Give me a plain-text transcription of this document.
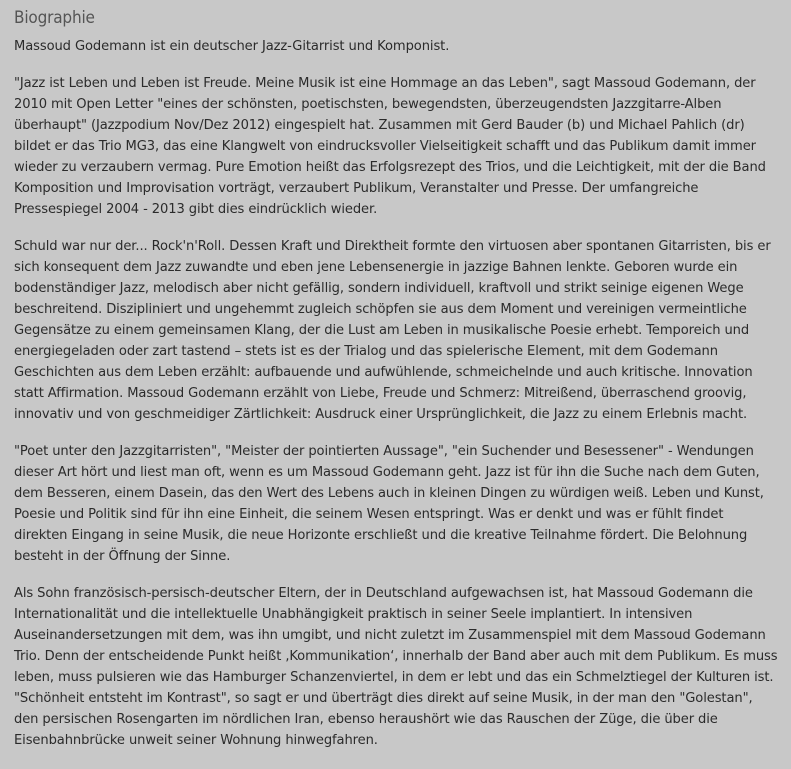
Biographie

Massoud Godemann ist ein deutscher Jazz-Gitarrist und Komponist.

"Jazz ist Leben und Leben ist Freude. Meine Musik ist eine Hommage an das Leben", sagt Massoud Godemann, der 2010 mit Open Letter "eines der schönsten, poetischsten, bewegendsten, überzeugendsten Jazzgitarre-Alben überhaupt" (Jazzpodium Nov/Dez 2012) eingespielt hat. Zusammen mit Gerd Bauder (b) und Michael Pahlich (dr) bildet er das Trio MG3, das eine Klangwelt von eindrucksvoller Vielseitigkeit schafft und das Publikum damit immer wieder zu verzaubern vermag. Pure Emotion heißt das Erfolgsrezept des Trios, und die Leichtigkeit, mit der die Band Komposition und Improvisation vorträgt, verzaubert Publikum, Veranstalter und Presse. Der umfangreiche Pressespiegel 2004 - 2013 gibt dies eindrücklich wieder.

Schuld war nur der... Rock'n'Roll. Dessen Kraft und Direktheit formte den virtuosen aber spontanen Gitarristen, bis er sich konsequent dem Jazz zuwandte und eben jene Lebensenergie in jazzige Bahnen lenkte. Geboren wurde ein bodenständiger Jazz, melodisch aber nicht gefällig, sondern individuell, kraftvoll und strikt seinige eigenen Wege beschreitend. Diszipliniert und ungehemmt zugleich schöpfen sie aus dem Moment und vereinigen vermeintliche Gegensätze zu einem gemeinsamen Klang, der die Lust am Leben in musikalische Poesie erhebt. Temporeich und energiegeladen oder zart tastend – stets ist es der Trialog und das spielerische Element, mit dem Godemann Geschichten aus dem Leben erzählt: aufbauende und aufwühlende, schmeichelnde und auch kritische. Innovation statt Affirmation. Massoud Godemann erzählt von Liebe, Freude und Schmerz: Mitreißend, überraschend groovig, innovativ und von geschmeidiger Zärtlichkeit: Ausdruck einer Ursprünglichkeit, die Jazz zu einem Erlebnis macht.

"Poet unter den Jazzgitarristen", "Meister der pointierten Aussage", "ein Suchender und Besessener" - Wendungen dieser Art hört und liest man oft, wenn es um Massoud Godemann geht. Jazz ist für ihn die Suche nach dem Guten, dem Besseren, einem Dasein, das den Wert des Lebens auch in kleinen Dingen zu würdigen weiß. Leben und Kunst, Poesie und Politik sind für ihn eine Einheit, die seinem Wesen entspringt. Was er denkt und was er fühlt findet direkten Eingang in seine Musik, die neue Horizonte erschließt und die kreative Teilnahme fördert. Die Belohnung besteht in der Öffnung der Sinne.

Als Sohn französisch-persisch-deutscher Eltern, der in Deutschland aufgewachsen ist, hat Massoud Godemann die Internationalität und die intellektuelle Unabhängigkeit praktisch in seiner Seele implantiert. In intensiven Auseinandersetzungen mit dem, was ihn umgibt, und nicht zuletzt im Zusammenspiel mit dem Massoud Godemann Trio. Denn der entscheidende Punkt heißt ‚Kommunikation‘, innerhalb der Band aber auch mit dem Publikum. Es muss leben, muss pulsieren wie das Hamburger Schanzenviertel, in dem er lebt und das ein Schmelztiegel der Kulturen ist. "Schönheit entsteht im Kontrast", so sagt er und überträgt dies direkt auf seine Musik, in der man den "Golestan", den persischen Rosengarten im nördlichen Iran, ebenso heraushört wie das Rauschen der Züge, die über die Eisenbahnbrücke unweit seiner Wohnung hinwegfahren.
